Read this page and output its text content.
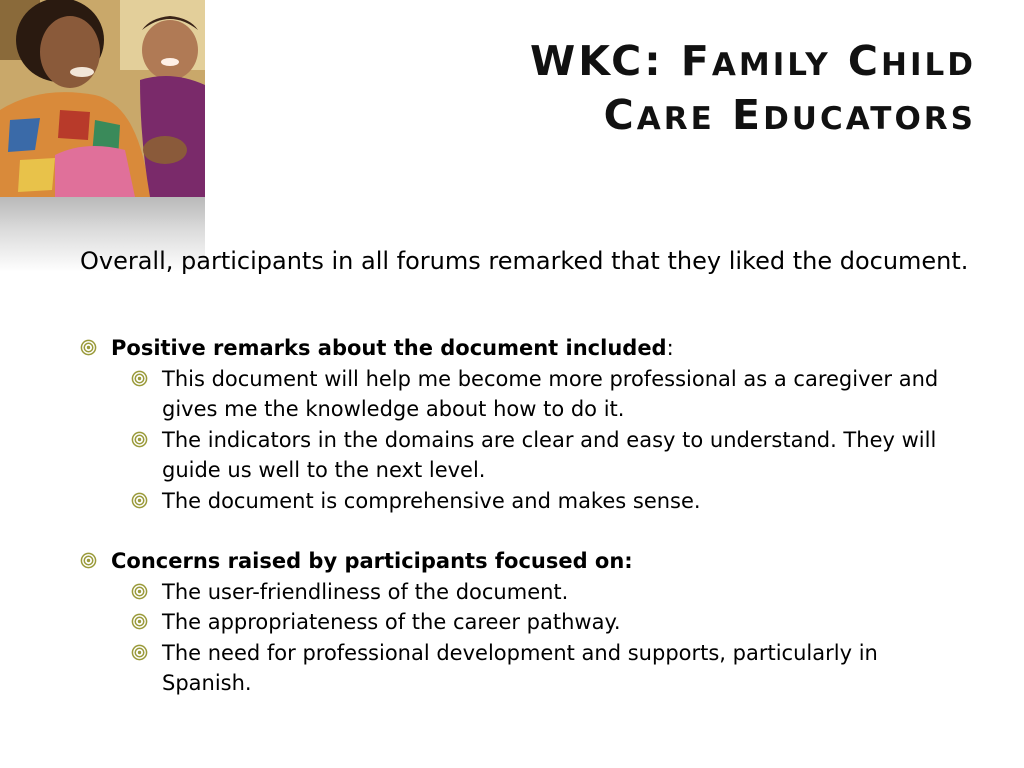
WKC: FAMILY CHILD
CARE EDUCATORS

Overall, participants in all forums remarked that they liked the document.

Positive remarks about the document included:
This document will help me become more professional as a caregiver and gives me the knowledge about how to do it.
The indicators in the domains are clear and easy to understand. They will guide us well to the next level.
The document is comprehensive and makes sense.
Concerns raised by participants focused on:
The user-friendliness of the document.
The appropriateness of the career pathway.
The need for professional development and supports, particularly in Spanish.
